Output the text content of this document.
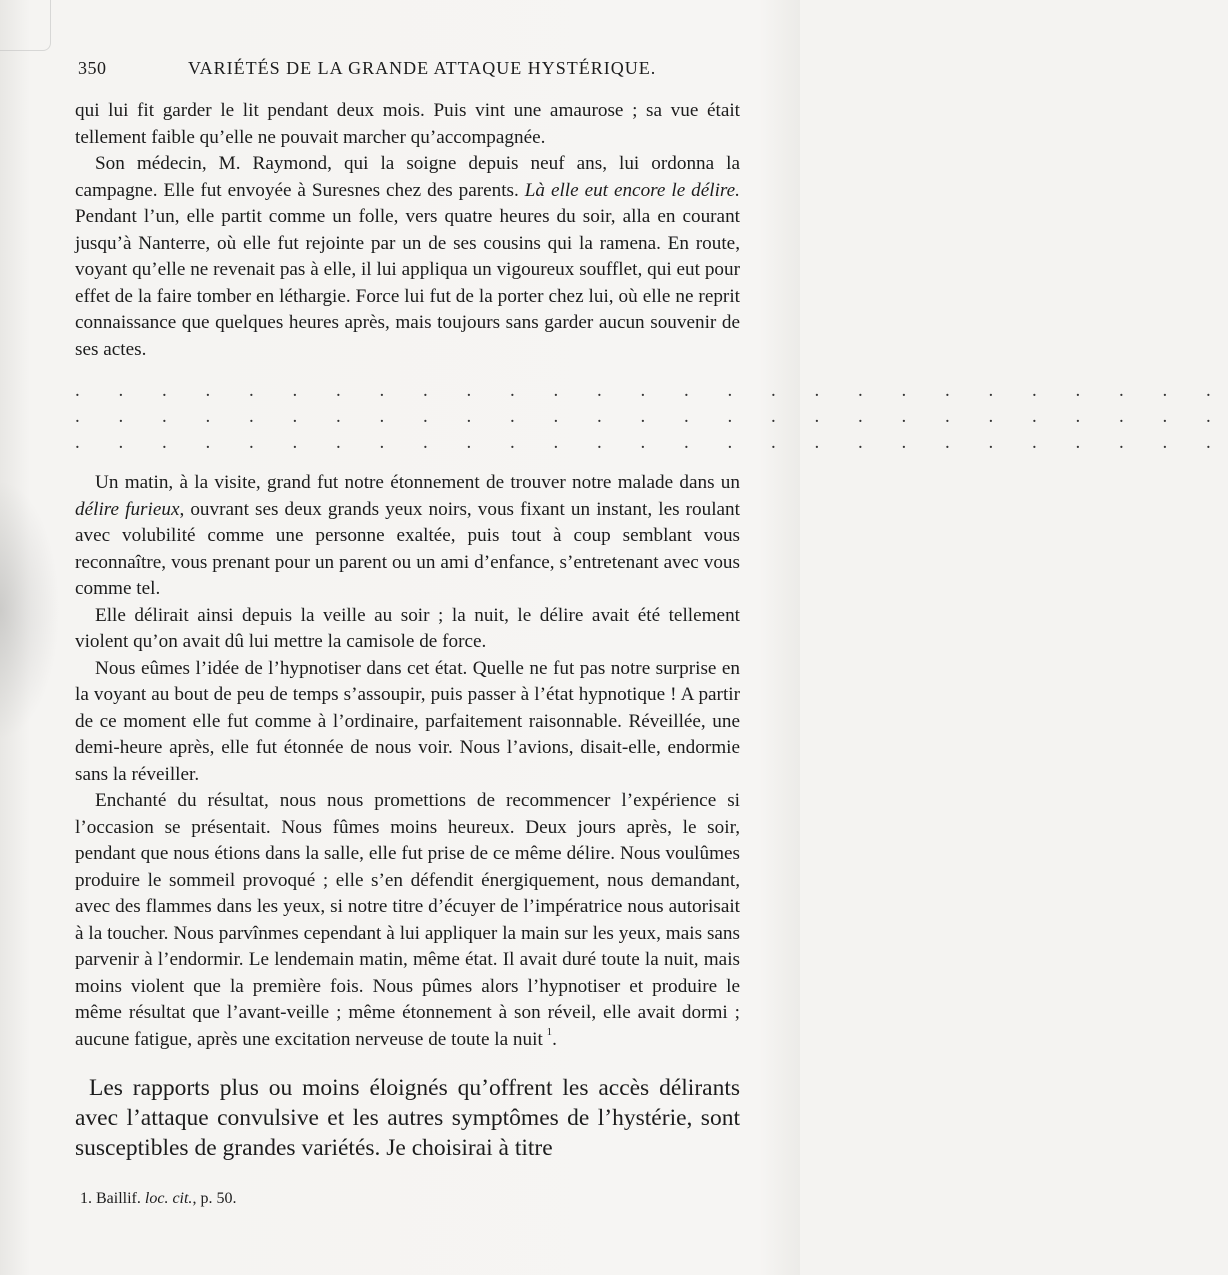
350	VARIÉTÉS DE LA GRANDE ATTAQUE HYSTÉRIQUE.

qui lui fit garder le lit pendant deux mois. Puis vint une amaurose ; sa vue était tellement faible qu’elle ne pouvait marcher qu’accompagnée.

Son médecin, M. Raymond, qui la soigne depuis neuf ans, lui ordonna la campagne. Elle fut envoyée à Suresnes chez des parents. Là elle eut encore le délire. Pendant l’un, elle partit comme un folle, vers quatre heures du soir, alla en courant jusqu’à Nanterre, où elle fut rejointe par un de ses cousins qui la ramena. En route, voyant qu’elle ne revenait pas à elle, il lui appliqua un vigoureux soufflet, qui eut pour effet de la faire tomber en léthargie. Force lui fut de la porter chez lui, où elle ne reprit connaissance que quelques heures après, mais toujours sans garder aucun souvenir de ses actes.

. . . . . . . . . . . . . . . . . . . . . . . . . . .
. . . . . . . . . . . . . . . . . . . . . . . . . . .
. . . . . . . . . . . . . . . . . . . . . . . . . . .

Un matin, à la visite, grand fut notre étonnement de trouver notre malade dans un délire furieux, ouvrant ses deux grands yeux noirs, vous fixant un instant, les roulant avec volubilité comme une personne exaltée, puis tout à coup semblant vous reconnaître, vous prenant pour un parent ou un ami d’enfance, s’entretenant avec vous comme tel.

Elle délirait ainsi depuis la veille au soir ; la nuit, le délire avait été tellement violent qu’on avait dû lui mettre la camisole de force.

Nous eûmes l’idée de l’hypnotiser dans cet état. Quelle ne fut pas notre surprise en la voyant au bout de peu de temps s’assoupir, puis passer à l’état hypnotique ! A partir de ce moment elle fut comme à l’ordinaire, parfaitement raisonnable. Réveillée, une demi-heure après, elle fut étonnée de nous voir. Nous l’avions, disait-elle, endormie sans la réveiller.

Enchanté du résultat, nous nous promettions de recommencer l’expérience si l’occasion se présentait. Nous fûmes moins heureux. Deux jours après, le soir, pendant que nous étions dans la salle, elle fut prise de ce même délire. Nous voulûmes produire le sommeil provoqué ; elle s’en défendit énergiquement, nous demandant, avec des flammes dans les yeux, si notre titre d’écuyer de l’impératrice nous autorisait à la toucher. Nous parvînmes cependant à lui appliquer la main sur les yeux, mais sans parvenir à l’endormir. Le lendemain matin, même état. Il avait duré toute la nuit, mais moins violent que la première fois. Nous pûmes alors l’hypnotiser et produire le même résultat que l’avant-veille ; même étonnement à son réveil, elle avait dormi ; aucune fatigue, après une excitation nerveuse de toute la nuit  $^1$.

Les rapports plus ou moins éloignés qu’offrent les accès délirants avec l’attaque convulsive et les autres symptômes de l’hystérie, sont susceptibles de grandes variétés. Je choisirai à titre

1. Baillif. loc. cit., p. 50.
